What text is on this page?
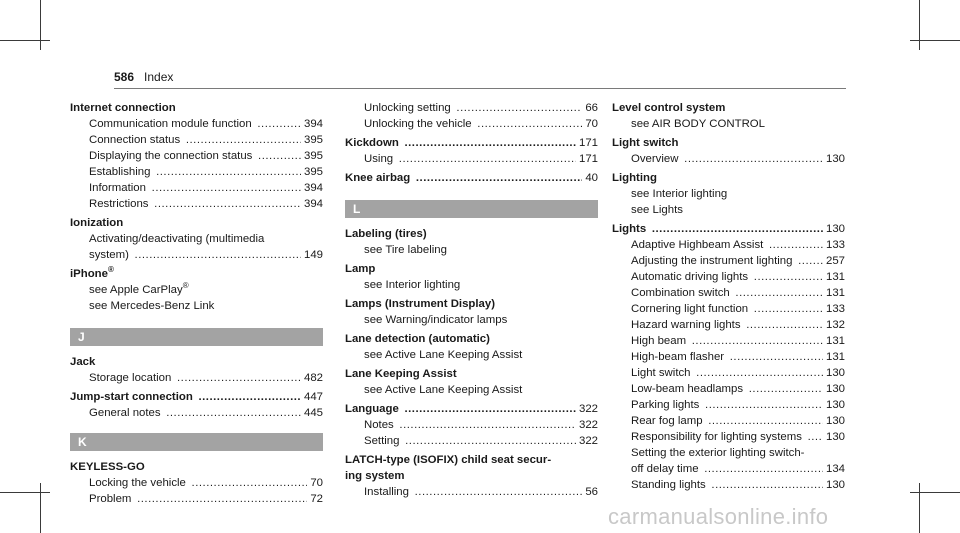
586 Index
Internet connection
Communication module function .....	394
Connection status .....	395
Displaying the connection status .....	395
Establishing .....	395
Information .....	394
Restrictions .....	394
Ionization
Activating/deactivating (multimedia
system) .....	149
iPhone®
see Apple CarPlay®
see Mercedes-Benz Link
J
Jack
Storage location .....	482
Jump-start connection .....	447
General notes .....	445
K
KEYLESS-GO
Locking the vehicle .....	70
Problem .....	72
Unlocking setting .....	66
Unlocking the vehicle .....	70
Kickdown .....	171
Using .....	171
Knee airbag .....	40
L
Labeling (tires)
see Tire labeling
Lamp
see Interior lighting
Lamps (Instrument Display)
see Warning/indicator lamps
Lane detection (automatic)
see Active Lane Keeping Assist
Lane Keeping Assist
see Active Lane Keeping Assist
Language .....	322
Notes .....	322
Setting .....	322
LATCH-type (ISOFIX) child seat secur-
ing system
Installing .....	56
Level control system
see AIR BODY CONTROL
Light switch
Overview .....	130
Lighting
see Interior lighting
see Lights
Lights .....	130
Adaptive Highbeam Assist .....	133
Adjusting the instrument lighting .....	257
Automatic driving lights .....	131
Combination switch .....	131
Cornering light function .....	133
Hazard warning lights .....	132
High beam .....	131
High-beam flasher .....	131
Light switch .....	130
Low-beam headlamps .....	130
Parking lights .....	130
Rear fog lamp .....	130
Responsibility for lighting systems .....	130
Setting the exterior lighting switch-
off delay time .....	134
Standing lights .....	130
carmanualsonline.info
